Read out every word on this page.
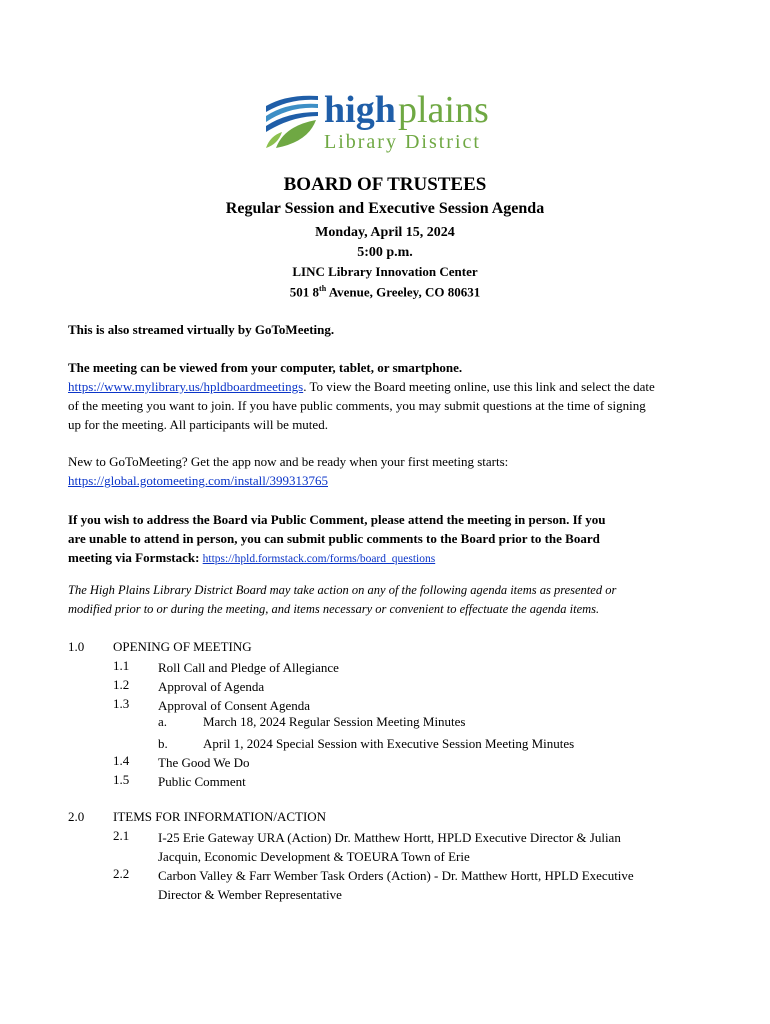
high plains
Library District
BOARD OF TRUSTEES
Regular Session and Executive Session Agenda
Monday, April 15, 2024
5:00 p.m.
LINC Library Innovation Center
501 8th Avenue, Greeley, CO 80631
This is also streamed virtually by GoToMeeting.
The meeting can be viewed from your computer, tablet, or smartphone.
https://www.mylibrary.us/hpldboardmeetings. To view the Board meeting online, use this link and select the date
of the meeting you want to join. If you have public comments, you may submit questions at the time of signing
up for the meeting. All participants will be muted.
New to GoToMeeting? Get the app now and be ready when your first meeting starts:
https://global.gotomeeting.com/install/399313765
If you wish to address the Board via Public Comment, please attend the meeting in person. If you
are unable to attend in person, you can submit public comments to the Board prior to the Board
meeting via Formstack: https://hpld.formstack.com/forms/board_questions
The High Plains Library District Board may take action on any of the following agenda items as presented or
modified prior to or during the meeting, and items necessary or convenient to effectuate the agenda items.
1.0 OPENING OF MEETING
1.1 Roll Call and Pledge of Allegiance
1.2 Approval of Agenda
1.3 Approval of Consent Agenda
a.	March 18, 2024 Regular Session Meeting Minutes
b.	April 1, 2024 Special Session with Executive Session Meeting Minutes
1.4 The Good We Do
1.5 Public Comment
2.0 ITEMS FOR INFORMATION/ACTION
2.1 I-25 Erie Gateway URA (Action) Dr. Matthew Hortt, HPLD Executive Director & Julian
Jacquin, Economic Development & TOEURA Town of Erie
2.2 Carbon Valley & Farr Wember Task Orders (Action) - Dr. Matthew Hortt, HPLD Executive
Director & Wember Representative
